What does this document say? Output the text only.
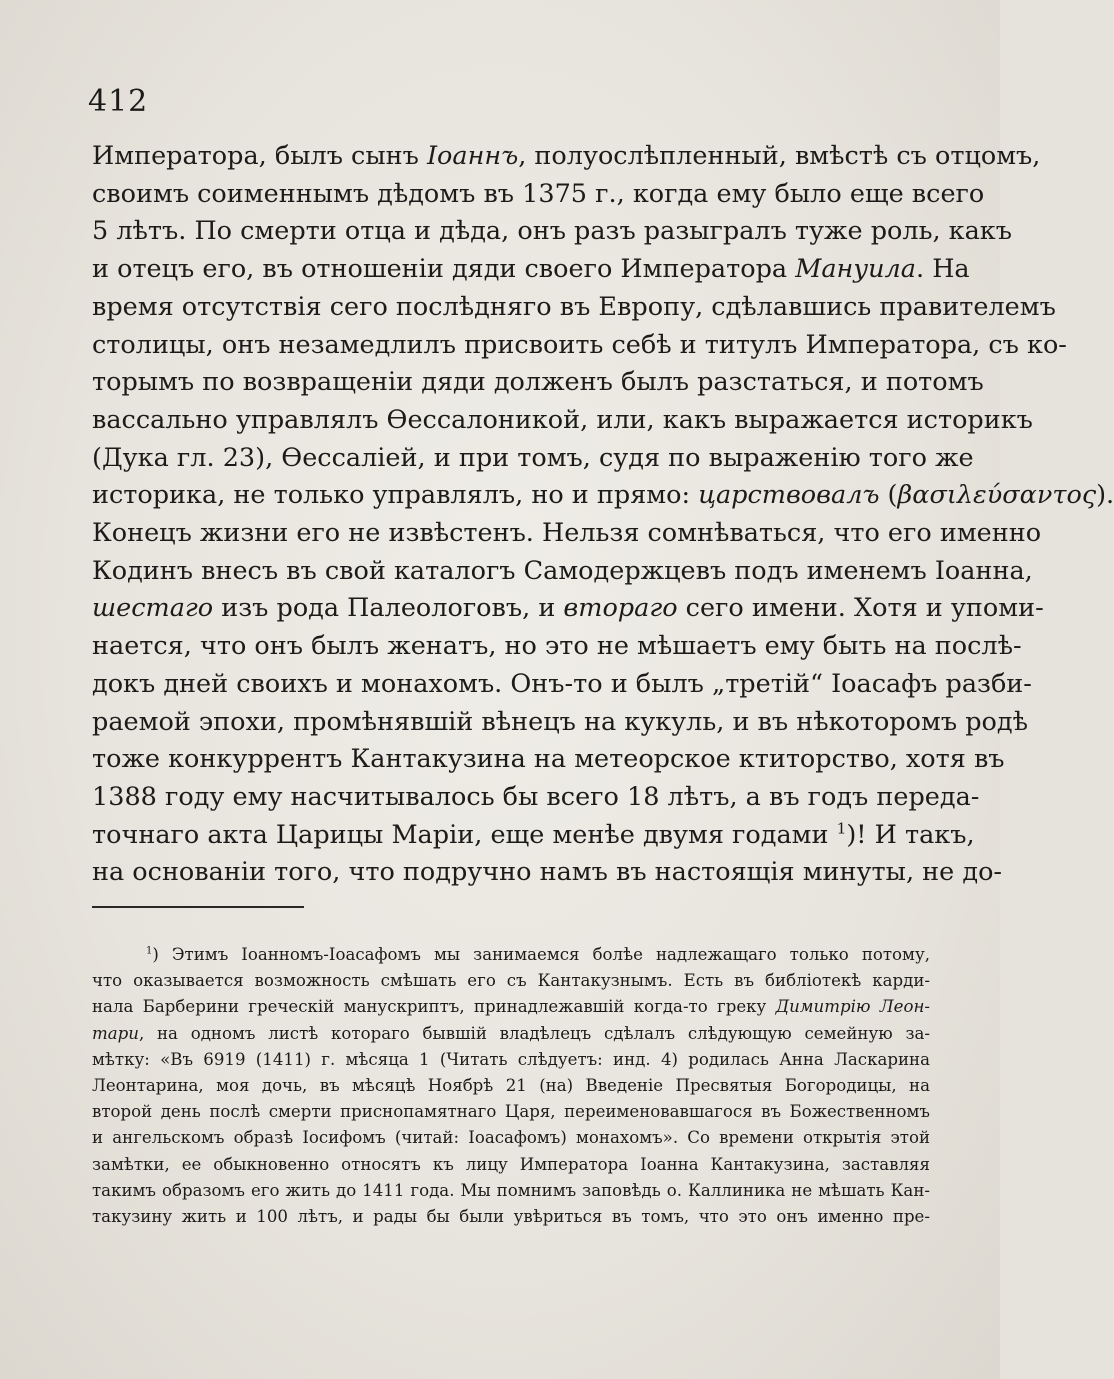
412
Императора, былъ сынъ Іоаннъ, полуослѣпленный, вмѣстѣ съ отцомъ,
своимъ соименнымъ дѣдомъ въ 1375 г., когда ему было еще всего
5 лѣтъ. По смерти отца и дѣда, онъ разъ разыгралъ туже роль, какъ
и отецъ его, въ отношеніи дяди своего Императора Мануила. На
время отсутствія сего послѣдняго въ Европу, сдѣлавшись правителемъ
столицы, онъ незамедлилъ присвоить себѣ и титулъ Императора, съ ко-
торымъ по возвращеніи дяди долженъ былъ разстаться, и потомъ
вассально управлялъ Өессалоникой, или, какъ выражается историкъ
(Дука гл. 23), Өессаліей, и при томъ, судя по выраженію того же
историка, не только управлялъ, но и прямо: царствовалъ (βασιλεύσαντος).
Конецъ жизни его не извѣстенъ. Нельзя сомнѣваться, что его именно
Кодинъ внесъ въ свой каталогъ Самодержцевъ подъ именемъ Іоанна,
шестаго изъ рода Палеологовъ, и втораго сего имени. Хотя и упоми-
нается, что онъ былъ женатъ, но это не мѣшаетъ ему быть на послѣ-
докъ дней своихъ и монахомъ. Онъ-то и былъ „третій“ Іоасафъ разби-
раемой эпохи, промѣнявшій вѣнецъ на кукуль, и въ нѣкоторомъ родѣ
тоже конкуррентъ Кантакузина на метеорское ктиторство, хотя въ
1388 году ему насчитывалось бы всего 18 лѣтъ, а въ годъ переда-
точнаго акта Царицы Маріи, еще менѣе двумя годами $^1$)! И такъ,
на основаніи того, что подручно намъ въ настоящія минуты, не до-
$^1$) Этимъ Іоанномъ-Іоасафомъ мы занимаемся болѣе надлежащаго только потому,
что оказывается возможность смѣшать его съ Кантакузнымъ. Есть въ библіотекѣ карди-
нала Барберини греческій манускриптъ, принадлежавшій когда-то греку Димитрію Леон-
тари, на одномъ листѣ котораго бывшій владѣлецъ сдѣлалъ слѣдующую семейную за-
мѣтку: «Въ 6919 (1411) г. мѣсяца 1 (Читать слѣдуетъ: инд. 4) родилась Анна Ласкарина
Леонтарина, моя дочь, въ мѣсяцѣ Ноябрѣ 21 (на) Введеніе Пресвятыя Богородицы, на
второй день послѣ смерти приснопамятнаго Царя, переименовавшагося въ Божественномъ
и ангельскомъ образѣ Іосифомъ (читай: Іоасафомъ) монахомъ». Со времени открытія этой
замѣтки, ее обыкновенно относятъ къ лицу Императора Іоанна Кантакузина, заставляя
такимъ образомъ его жить до 1411 года. Мы помнимъ заповѣдь о. Каллиника не мѣшать Кан-
такузину жить и 100 лѣтъ, и рады бы были увѣриться въ томъ, что это онъ именно пре-
